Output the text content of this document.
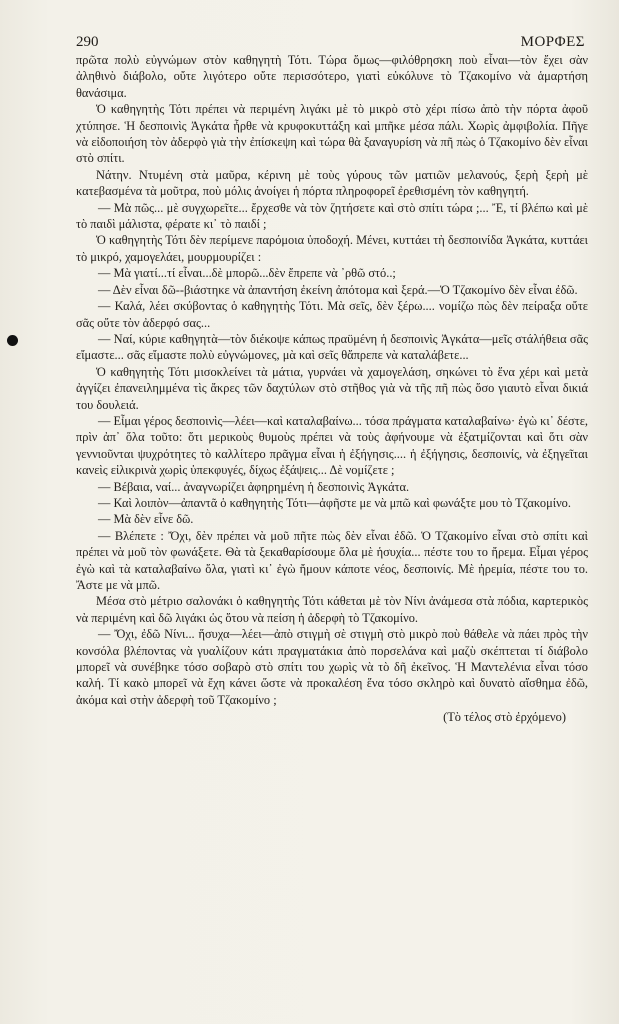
290	ΜΟΡΦΕΣ

πρῶτα πολὺ εὐγνώμων στὸν καθηγητὴ Τότι. Τώρα ὅμως—φιλόθρησκη ποὺ εἶναι—τὸν ἔχει σὰν ἀληθινὸ διάβολο, οὔτε λιγότερο οὔτε περισσότερο, γιατὶ εὐκόλυνε τὸ Τζακομίνο νὰ ἁμαρτήση θανάσιμα.

Ὁ καθηγητὴς Τότι πρέπει νὰ περιμένη λιγάκι μὲ τὸ μικρὸ στὸ χέρι πίσω ἀπὸ τὴν πόρτα ἀφοῦ χτύπησε. Ἡ δεσποινὶς Ἀγκάτα ἦρθε νὰ κρυφοκυττάξη καὶ μπῆκε μέσα πάλι. Χωρὶς ἀμφιβολία. Πῆγε νὰ εἰδοποιήση τὸν ἀδερφὸ γιὰ τὴν ἐπίσκεψη καὶ τώρα θὰ ξαναγυρίση νὰ πῆ πὼς ὁ Τζακομίνο δὲν εἶναι στὸ σπίτι.

Νάτην. Ντυμένη στὰ μαῦρα, κέρινη μὲ τοὺς γύρους τῶν ματιῶν μελανούς, ξερὴ ξερὴ μὲ κατεβασμένα τὰ μοῦτρα, ποὺ μόλις ἀνοίγει ἡ πόρτα πληροφορεῖ ἐρεθισμένη τὸν καθηγητή.

— Μὰ πῶς... μὲ συγχωρεῖτε... ἔρχεσθε νὰ τὸν ζητήσετε καὶ στὸ σπίτι τώρα ;... Ἔ, τί βλέπω καὶ μὲ τὸ παιδὶ μάλιστα, φέρατε κι᾿ τὸ παιδί ;

Ὁ καθηγητὴς Τότι δὲν περίμενε παρόμοια ὑποδοχή. Μένει, κυττάει τὴ δεσποινίδα Ἀγκάτα, κυττάει τὸ μικρό, χαμογελάει, μουρμουρίζει :

— Μὰ γιατί...τί εἶναι...δὲ μπορῶ...δὲν ἔπρεπε νὰ ᾿ρθῶ στό..;

— Δὲν εἶναι δῶ--βιάστηκε νὰ ἀπαντήση ἐκείνη ἀπότομα καὶ ξερά.—Ὁ Τζακομίνο δὲν εἶναι ἐδῶ.

— Καλά, λέει σκύβοντας ὁ καθηγητὴς Τότι. Μὰ σεῖς, δὲν ξέρω.... νομίζω πὼς δὲν πείραξα οὔτε σᾶς οὔτε τὸν ἀδερφό σας...

— Ναί, κύριε καθηγητὰ—τὸν διέκοψε κάπως πραϋμένη ἡ δεσποινὶς Ἀγκάτα—μεῖς στάλήθεια σᾶς εἴμαστε... σᾶς εἴμαστε πολὺ εὐγνώμονες, μὰ καὶ σεῖς θἄπρεπε νὰ καταλάβετε...

Ὁ καθηγητὴς Τότι μισοκλείνει τὰ μάτια, γυρνάει νὰ χαμογελάση, σηκώνει τὸ ἕνα χέρι καὶ μετὰ ἀγγίζει ἐπανειλημμένα τὶς ἄκρες τῶν δαχτύλων στὸ στῆθος γιὰ νὰ τῆς πῆ πὼς ὅσο γιαυτὸ εἶναι δικιά του δουλειά.

— Εἶμαι γέρος δεσποινὶς—λέει—καὶ καταλαβαίνω... τόσα πράγματα καταλαβαίνω· ἐγὼ κι᾿ δέστε, πρὶν ἀπ᾿ ὅλα τοῦτο: ὅτι μερικοὺς θυμοὺς πρέπει νὰ τοὺς ἀφήνουμε νὰ ἐξατμίζονται καὶ ὅτι σὰν γεννιοῦνται ψυχρότητες τὸ καλλίτερο πρᾶγμα εἶναι ἡ ἐξήγησις.... ἡ ἐξήγησις, δεσποινίς, νὰ ἐξηγεῖται κανεὶς εἰλικρινὰ χωρὶς ὑπεκφυγές, δίχως ἐξάψεις... Δὲ νομίζετε ;

— Βέβαια, ναί... ἀναγνωρίζει ἀφηρημένη ἡ δεσποινὶς Ἀγκάτα.

— Καὶ λοιπὸν—ἀπαντᾶ ὁ καθηγητὴς Τότι—ἀφῆστε με νὰ μπῶ καὶ φωνάξτε μου τὸ Τζακομίνο.

— Μὰ δὲν εἶνε δῶ.

— Βλέπετε : Ὄχι, δὲν πρέπει νὰ μοῦ πῆτε πὼς δὲν εἶναι ἐδῶ. Ὁ Τζακομίνο εἶναι στὸ σπίτι καὶ πρέπει νὰ μοῦ τὸν φωνάξετε. Θὰ τὰ ξεκαθαρίσουμε ὅλα μὲ ἡσυχία... πέστε του το ἤρεμα. Εἶμαι γέρος ἐγὼ καὶ τὰ καταλαβαίνω ὅλα, γιατὶ κι᾿ ἐγὼ ἤμουν κάποτε νέος, δεσποινίς. Μὲ ἠρεμία, πέστε του το. Ἄστε με νὰ μπῶ.

Μέσα στὸ μέτριο σαλονάκι ὁ καθηγητὴς Τότι κάθεται μὲ τὸν Νίνι ἀνάμεσα στὰ πόδια, καρτερικὸς νὰ περιμένη καὶ δῶ λιγάκι ὡς ὅτου νὰ πείση ἡ ἀδερφὴ τὸ Τζακομίνο.

— Ὄχι, ἐδῶ Νίνι... ἥσυχα—λέει—ἀπὸ στιγμὴ σὲ στιγμὴ στὸ μικρὸ ποὺ θάθελε νὰ πάει πρὸς τὴν κονσόλα βλέποντας νὰ γυαλίζουν κάτι πραγματάκια ἀπὸ πορσελάνα καὶ μαζὺ σκέπτεται τί διάβολο μπορεῖ νὰ συνέβηκε τόσο σοβαρὸ στὸ σπίτι του χωρὶς νὰ τὸ δῆ ἐκεῖνος. Ἡ Μαντελένια εἶναι τόσο καλή. Τί κακὸ μπορεῖ νὰ ἔχη κάνει ὥστε νὰ προκαλέση ἕνα τόσο σκληρὸ καὶ δυνατὸ αἴσθημα ἐδῶ, ἀκόμα καὶ στὴν ἀδερφὴ τοῦ Τζακομίνο ;

(Τὸ τέλος στὸ ἐρχόμενο)
